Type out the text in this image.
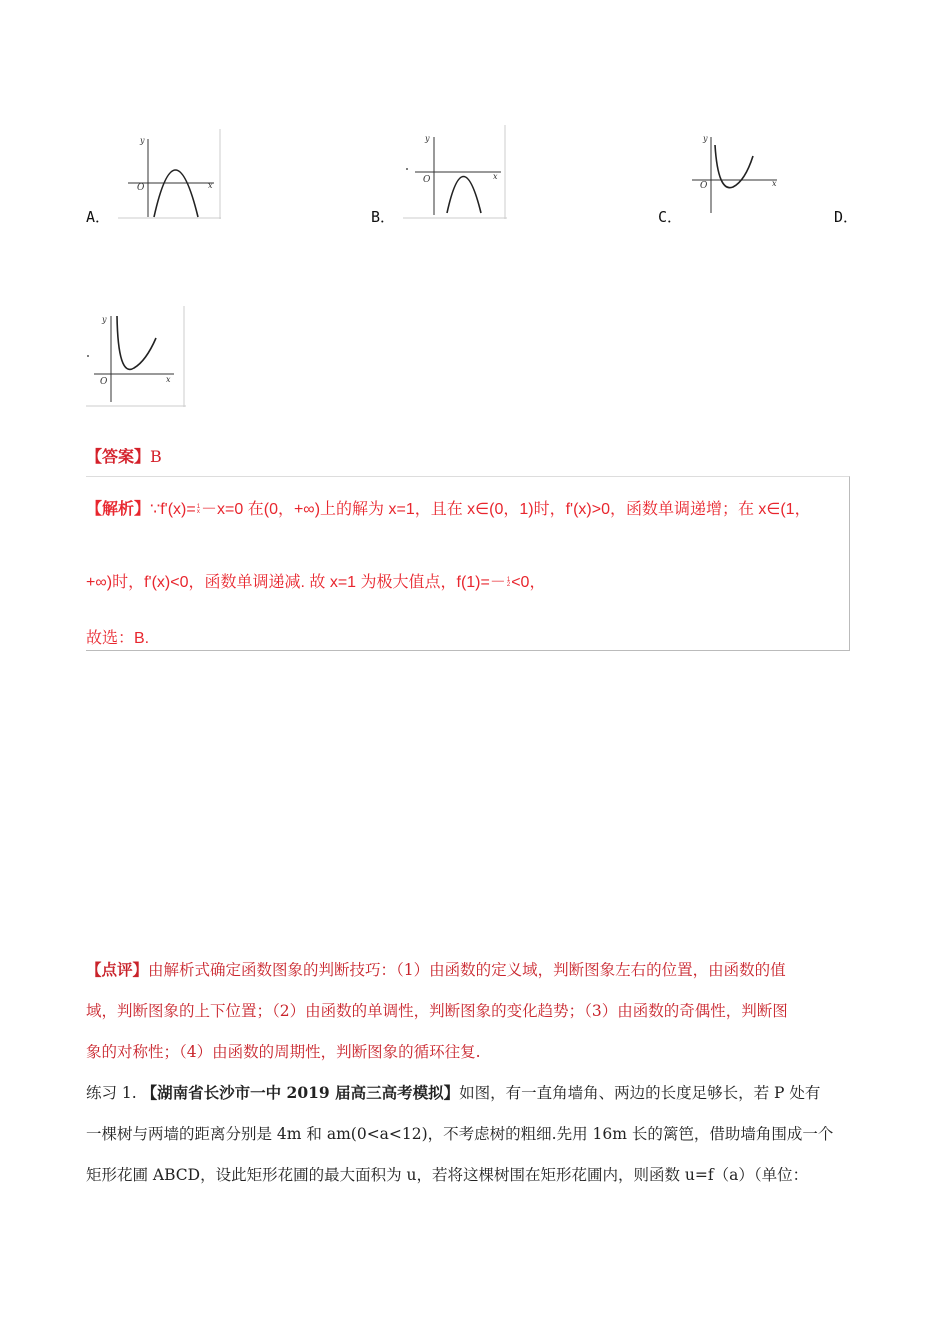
A．
O	x
y
B．
O	x
y
C．
O	x
y
D．
O	x
y
【答案】B
【解析】∵f'(x)=1
x－x=0 在(0，+∞)上的解为 x=1，且在 x∈(0，1)时，f'(x)>0，函数单调递增；在 x∈(1，
+∞)时，f'(x)<0，函数单调递减. 故 x=1 为极大值点，f(1)=－1
2<0，
故选：B.
【点评】由解析式确定函数图象的判断技巧：（1）由函数的定义域，判断图象左右的位置，由函数的值
域，判断图象的上下位置；（2）由函数的单调性，判断图象的变化趋势；（3）由函数的奇偶性，判断图
象的对称性；（4）由函数的周期性，判断图象的循环往复.
练习 1. 【湖南省长沙市一中 2019 届高三高考模拟】如图，有一直角墙角、两边的长度足够长，若 P 处有
一棵树与两墙的距离分别是 4m 和 am(0<a<12)，不考虑树的粗细.先用 16m 长的篱笆，借助墙角围成一个
矩形花圃 ABCD，设此矩形花圃的最大面积为 u，若将这棵树围在矩形花圃内，则函数 u=f（a）（单位：
